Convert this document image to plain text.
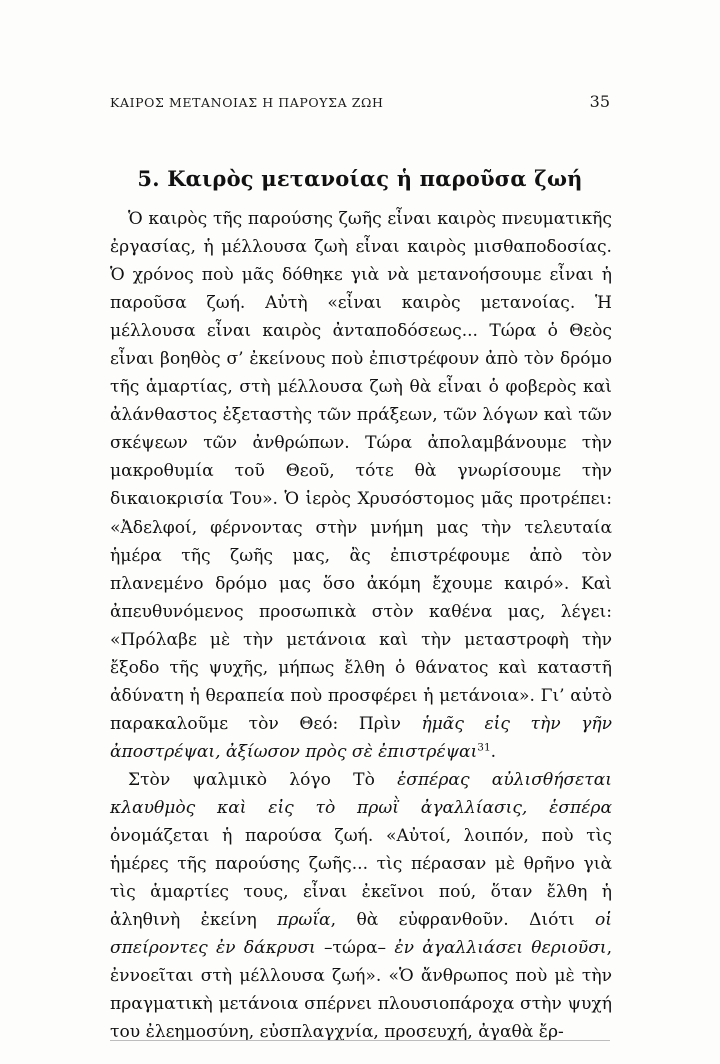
ΚΑΙΡΟΣ ΜΕΤΑΝΟΙΑΣ Η ΠΑΡΟΥΣΑ ΖΩΗ	35
5. Καιρὸς μετανοίας ἡ παροῦσα ζωή

Ὁ καιρὸς τῆς παρούσης ζωῆς εἶναι καιρὸς πνευματικῆς ἐργασίας, ἡ μέλλουσα ζωὴ εἶναι καιρὸς μισθαποδοσίας. Ὁ χρόνος ποὺ μᾶς δόθηκε γιὰ νὰ μετανοήσουμε εἶναι ἡ παροῦσα ζωή. Αὐτὴ «εἶναι καιρὸς μετανοίας. Ἡ μέλλουσα εἶναι καιρὸς ἀνταποδόσεως... Τώρα ὁ Θεὸς εἶναι βοηθὸς σ’ ἐκείνους ποὺ ἐπιστρέφουν ἀπὸ τὸν δρόμο τῆς ἁμαρτίας, στὴ μέλλουσα ζωὴ θὰ εἶναι ὁ φοβερὸς καὶ ἀλάνθαστος ἐξεταστὴς τῶν πράξεων, τῶν λόγων καὶ τῶν σκέψεων τῶν ἀνθρώπων. Τώρα ἀπολαμβάνουμε τὴν μακροθυμία τοῦ Θεοῦ, τότε θὰ γνωρίσουμε τὴν δικαιοκρισία Του». Ὁ ἱερὸς Χρυσόστομος μᾶς προτρέπει: «Ἀδελφοί, φέρνοντας στὴν μνήμη μας τὴν τελευταία ἡμέρα τῆς ζωῆς μας, ἂς ἐπιστρέφουμε ἀπὸ τὸν πλανεμένο δρόμο μας ὅσο ἀκόμη ἔχουμε καιρό». Καὶ ἀπευθυνόμενος προσωπικὰ στὸν καθένα μας, λέγει: «Πρόλαβε μὲ τὴν μετάνοια καὶ τὴν μεταστροφὴ τὴν ἔξοδο τῆς ψυχῆς, μήπως ἔλθη ὁ θάνατος καὶ καταστῆ ἀδύνατη ἡ θεραπεία ποὺ προσφέρει ἡ μετάνοια». Γι’ αὐτὸ παρακαλοῦμε τὸν Θεό: Πρὶν ἡμᾶς εἰς τὴν γῆν ἀποστρέψαι, ἀξίωσον πρὸς σὲ ἐπιστρέψαι$^{31}$.

Στὸν ψαλμικὸ λόγο Τὸ ἑσπέρας αὐλισθήσεται κλαυθμὸς καὶ εἰς τὸ πρωῒ ἀγαλλίασις, ἑσπέρα ὀνομάζεται ἡ παρούσα ζωή. «Αὐτοί, λοιπόν, ποὺ τὶς ἡμέρες τῆς παρούσης ζωῆς... τὶς πέρασαν μὲ θρῆνο γιὰ τὶς ἁμαρτίες τους, εἶναι ἐκεῖνοι πού, ὅταν ἔλθη ἡ ἀληθινὴ ἐκείνη πρωΐα, θὰ εὐφρανθοῦν. Διότι οἱ σπείροντες ἐν δάκρυσι –τώρα– ἐν ἀγαλλιάσει θεριοῦσι, ἐννοεῖται στὴ μέλλουσα ζωή». «Ὁ ἄνθρωπος ποὺ μὲ τὴν πραγματικὴ μετάνοια σπέρνει πλουσιοπάροχα στὴν ψυχή του ἐλεημοσύνη, εὐσπλαγχνία, προσευχή, ἀγαθὰ ἔρ-
